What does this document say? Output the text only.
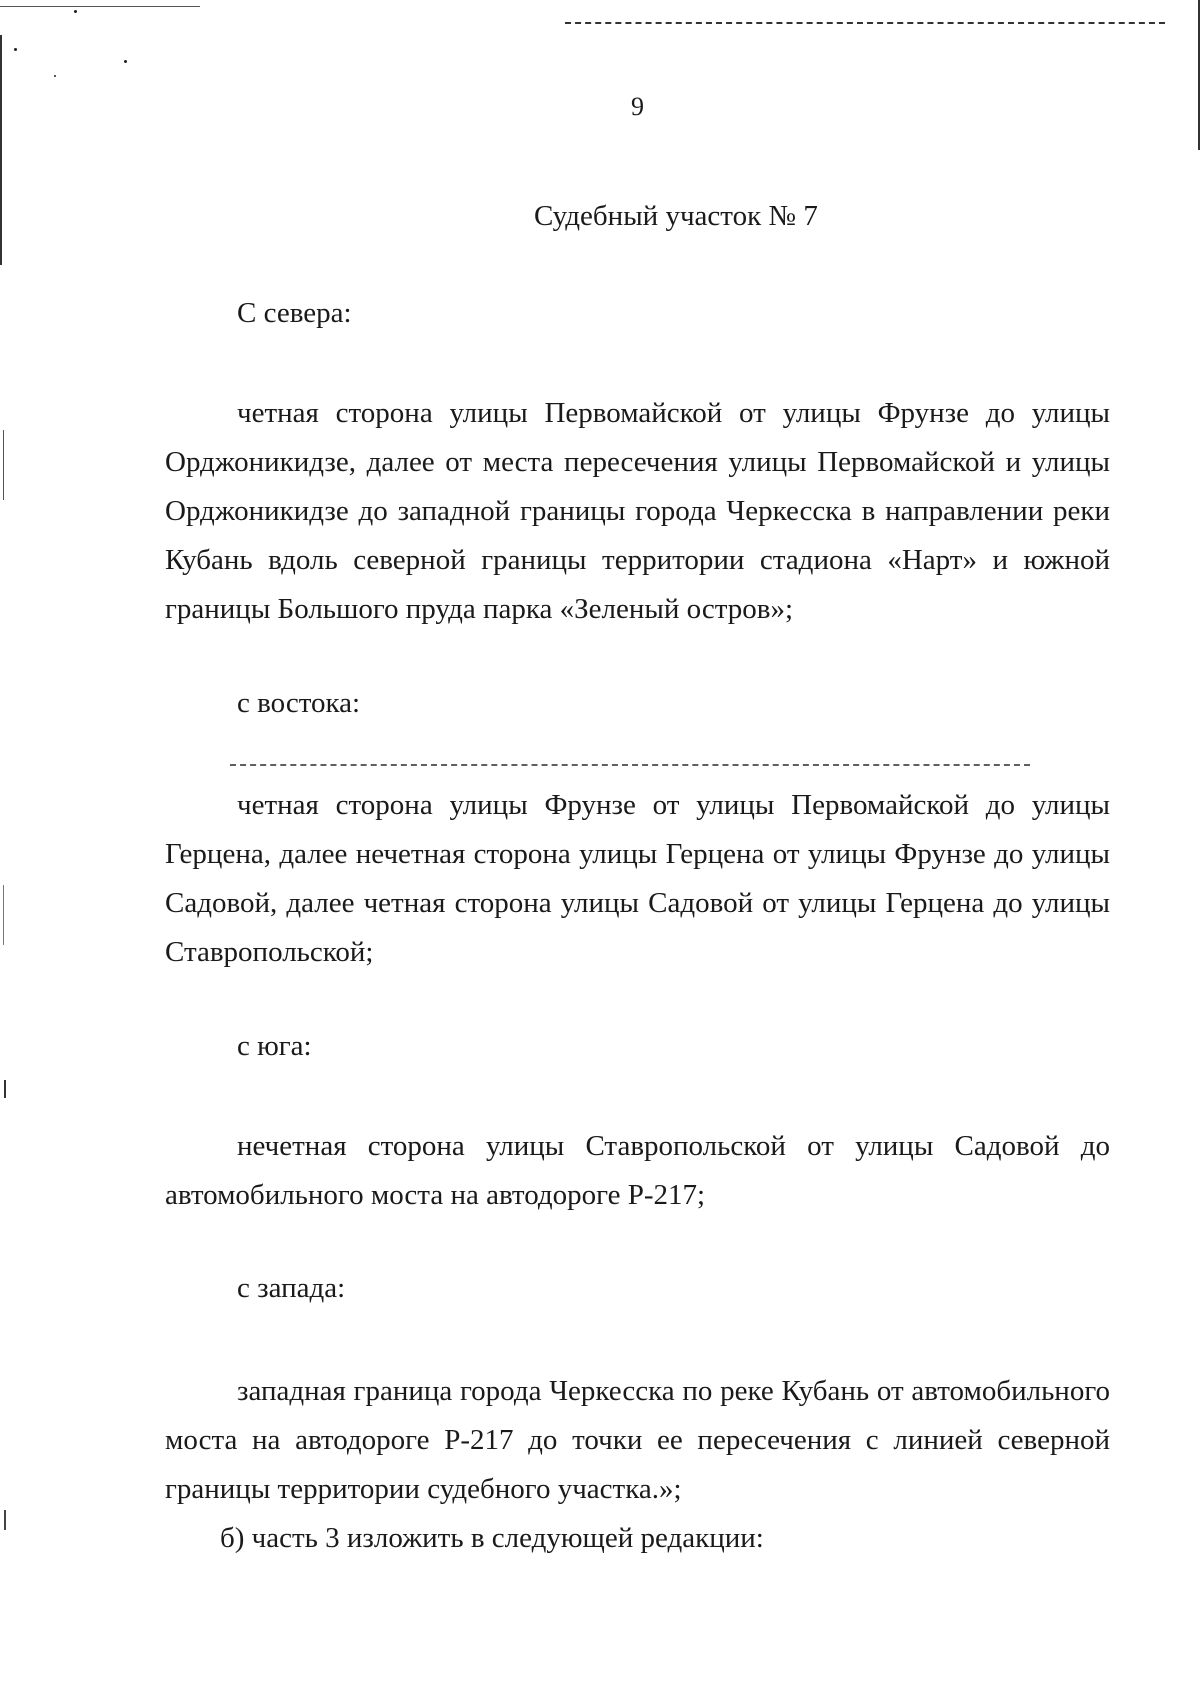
9
Судебный участок № 7
С севера:
четная сторона улицы Первомайской от улицы Фрунзе до улицы Орджоникидзе, далее от места пересечения улицы Первомайской и улицы Орджоникидзе до западной границы города Черкесска в направлении реки Кубань вдоль северной границы территории стадиона «Нарт» и южной границы Большого пруда парка «Зеленый остров»;
с востока:
четная сторона улицы Фрунзе от улицы Первомайской до улицы Герцена, далее нечетная сторона улицы Герцена от улицы Фрунзе до улицы Садовой, далее четная сторона улицы Садовой от улицы Герцена до улицы Ставропольской;
с юга:
нечетная сторона улицы Ставропольской от улицы Садовой до автомобильного моста на автодороге Р-217;
с запада:
западная граница города Черкесска по реке Кубань от автомобильного моста на автодороге Р-217 до точки ее пересечения с линией северной границы территории судебного участка.»;
б) часть 3 изложить в следующей редакции:
